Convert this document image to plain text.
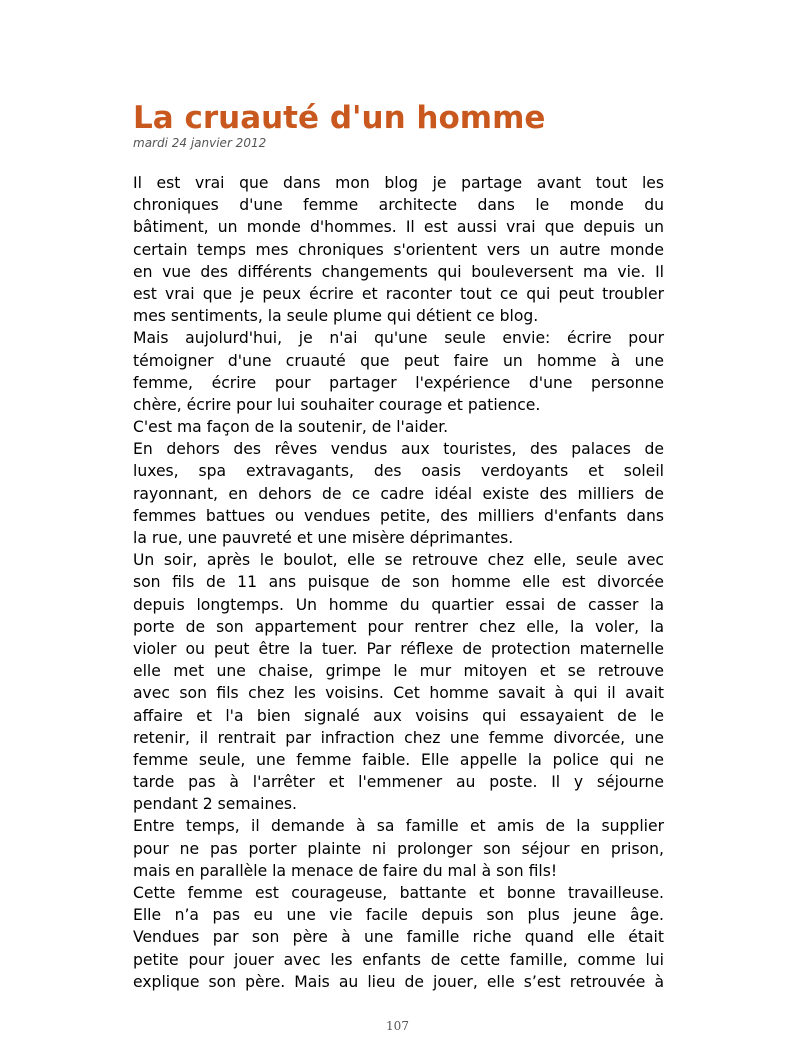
La cruauté d'un homme
mardi 24 janvier 2012
Il est vrai que dans mon blog je partage avant tout les
chroniques d'une femme architecte dans le monde du
bâtiment, un monde d'hommes. Il est aussi vrai que depuis un
certain temps mes chroniques s'orientent vers un autre monde
en vue des différents changements qui bouleversent ma vie. Il
est vrai que je peux écrire et raconter tout ce qui peut troubler
mes sentiments, la seule plume qui détient ce blog.
Mais aujolurd'hui, je n'ai qu'une seule envie: écrire pour
témoigner d'une cruauté que peut faire un homme à une
femme, écrire pour partager l'expérience d'une personne
chère, écrire pour lui souhaiter courage et patience.
C'est ma façon de la soutenir, de l'aider.
En dehors des rêves vendus aux touristes, des palaces de
luxes, spa extravagants, des oasis verdoyants et soleil
rayonnant, en dehors de ce cadre idéal existe des milliers de
femmes battues ou vendues petite, des milliers d'enfants dans
la rue, une pauvreté et une misère déprimantes.
Un soir, après le boulot, elle se retrouve chez elle, seule avec
son fils de 11 ans puisque de son homme elle est divorcée
depuis longtemps. Un homme du quartier essai de casser la
porte de son appartement pour rentrer chez elle, la voler, la
violer ou peut être la tuer. Par réflexe de protection maternelle
elle met une chaise, grimpe le mur mitoyen et se retrouve
avec son fils chez les voisins. Cet homme savait à qui il avait
affaire et l'a bien signalé aux voisins qui essayaient de le
retenir, il rentrait par infraction chez une femme divorcée, une
femme seule, une femme faible. Elle appelle la police qui ne
tarde pas à l'arrêter et l'emmener au poste. Il y séjourne
pendant 2 semaines.
Entre temps, il demande à sa famille et amis de la supplier
pour ne pas porter plainte ni prolonger son séjour en prison,
mais en parallèle la menace de faire du mal à son fils!
Cette femme est courageuse, battante et bonne travailleuse.
Elle n’a pas eu une vie facile depuis son plus jeune âge.
Vendues par son père à une famille riche quand elle était
petite pour jouer avec les enfants de cette famille, comme lui
explique son père. Mais au lieu de jouer, elle s’est retrouvée à
107
